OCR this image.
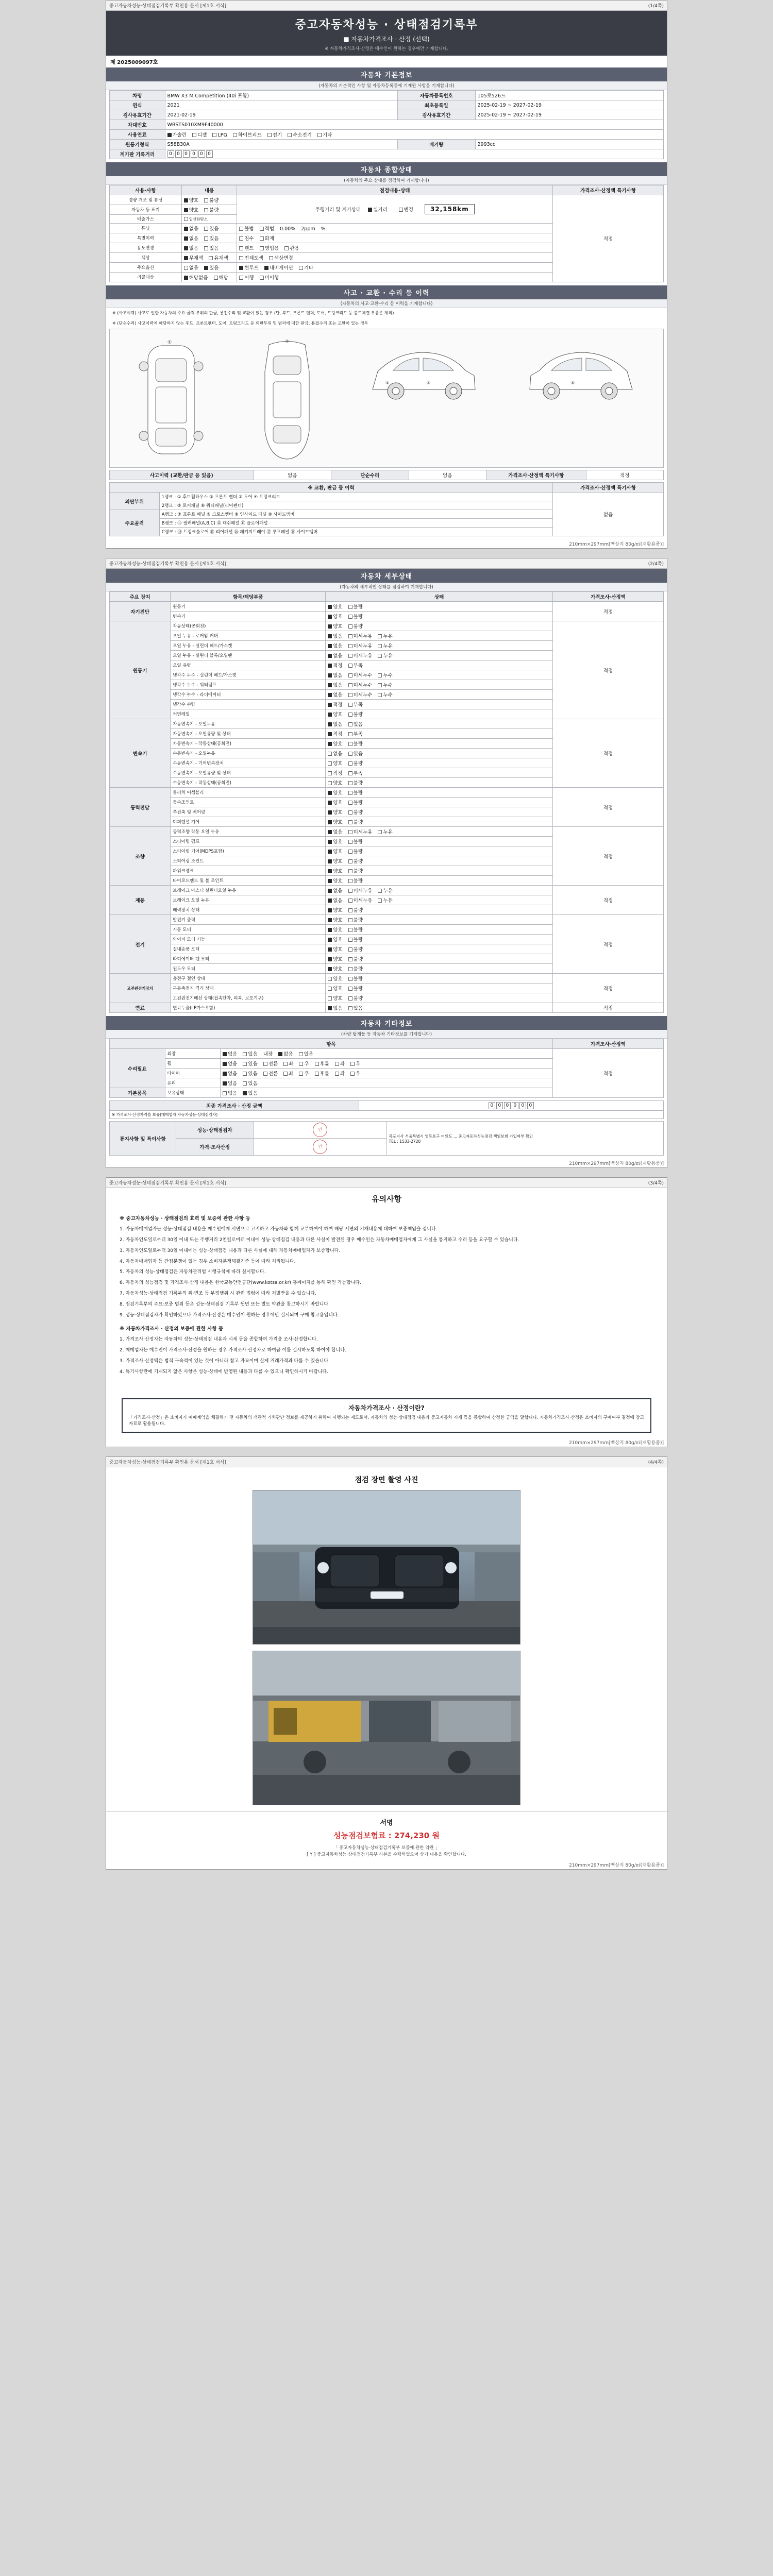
중고자동차성능·상태점검기록부 확인용 문서 [제1호 서식]	(1/4쪽)
중고자동차성능 · 상태점검기록부
■ 자동차가격조사 · 산정 (선택)
※ 자동차가격조사·산정은 매수인이 원하는 경우에만 기재합니다.
제 2025009097호
자동차 기본정보
(자동차의 기본적인 사항 및 자동차등록증에 기재된 사항을 기재합니다)
차명	BMW X3 M Competition (40i 포함)	자동차등록번호	105로526드
연식	2021	최초등록일	2025-02-19 ~ 2027-02-19
검사유효기간	2021-02-19	검사유효기간	2025-02-19 ~ 2027-02-19
차대번호	WBSTS010XM9F40000		
사용연료	가솔린 디젤 LPG 하이브리드 전기 수소전기 기타		
원동기형식	S58B30A	배기량	2993cc
계기판 기록거리	0	0	0	0	0	0
자동차 종합상태
(자동차의 주요 상태를 점검하여 기재합니다)
사용·사항	내용	점검내용·상태	가격조사·산정액 특기사항
경량 개조 및 튜닝	양호 불량	주행거리 및 계기상태 실거리 변경 32,158km	적정
자동차 등 표기	양호 불량		
배출가스	일산화탄소		
튜닝	없음 있음	불법 적법 0.00% 2ppm %	
특별이력	없음 있음	침수 화재	
용도변경	없음 있음	렌트 영업용 관용	
색상	무채색 유채색	전체도색 색상변경	
주요옵션	없음 있음	썬루프 내비게이션 기타	
리콜대상	해당없음 해당	이행 미이행	
사고 · 교환 · 수리 등 이력
(자동차의 사고·교환·수리 등 이력을 기재합니다)
※ (사고이력) 사고로 인한 자동차의 주요 골격 부위의 판금, 용접수리 및 교환이 있는 경우 (단, 후드, 프론트 펜더, 도어, 트렁크리드 등 볼트체결 부품은 제외)
※ (단순수리) 사고이력에 해당하지 않는 후드, 프론트펜더, 도어, 트렁크리드 등 외판부위 및 범퍼에 대한 판금, 용접수리 또는 교환이 있는 경우
①	⑦
③	⑤	⑥
사고이력 (교환/판금 등 있음)	없음	단순수리	없음	가격조사·산정액 특기사항	적정
※ 교환, 판금 등 이력		가격조사·산정액 특기사항
외판부위	1랭크 : ① 후드휠하우스 ② 프론트 펜더 ③ 도어 ④ 트렁크리드	없음
	2랭크 : ⑤ 로커패널 ⑥ 쿼터패널(리어펜더)	
주요골격	A랭크 : ⑦ 프론트 패널 ⑧ 크로스멤버 ⑨ 인사이드 패널 ⑩ 사이드멤버	
	B랭크 : ⑪ 필러패널(A,B,C) ⑫ 대쉬패널 ⑬ 플로어패널	
	C랭크 : ⑭ 트렁크플로어 ⑮ 리어패널 ⑯ 패키지트레이 ⑰ 루프패널 ⑱ 사이드멤버	
210mm×297mm[백상지 80g/㎡(재활용품)]
중고자동차성능·상태점검기록부 확인용 문서 [제1호 서식]	(2/4쪽)
자동차 세부상태
(자동차의 세부적인 상태를 점검하여 기재합니다)
주요 장치	항목/해당부품	상태	가격조사·산정액
자기진단	원동기	양호 불량	적정
	변속기	양호 불량	
원동기	작동상태(공회전)	양호 불량	적정
	오일 누유 - 로커암 커버	없음 미세누유 누유	
	오일 누유 - 실린더 헤드/가스켓	없음 미세누유 누유	
	오일 누유 - 실린더 블록/오일팬	없음 미세누유 누유	
	오일 유량	적정 부족	
	냉각수 누수 - 실린더 헤드/가스켓	없음 미세누수 누수	
	냉각수 누수 - 워터펌프	없음 미세누수 누수	
	냉각수 누수 - 라디에이터	없음 미세누수 누수	
	냉각수 수량	적정 부족	
	커먼레일	양호 불량	
변속기	자동변속기 - 오일누유	없음 있음	적정
	자동변속기 - 오일유량 및 상태	적정 부족	
	자동변속기 - 작동상태(공회전)	양호 불량	
	수동변속기 - 오일누유	없음 있음	
	수동변속기 - 기어변속장치	양호 불량	
	수동변속기 - 오일유량 및 상태	적정 부족	
	수동변속기 - 작동상태(공회전)	양호 불량	
동력전달	클러치 어셈블리	양호 불량	적정
	등속조인트	양호 불량	
	추진축 및 베어링	양호 불량	
	디퍼렌셜 기어	양호 불량	
조향	동력조향 작동 오일 누유	없음 미세누유 누유	적정
	스티어링 펌프	양호 불량	
	스티어링 기어(MDPS포함)	양호 불량	
	스티어링 조인트	양호 불량	
	파워크랭크	양호 불량	
	타이로드엔드 및 볼 조인트	양호 불량	
제동	브레이크 마스터 실린더오일 누유	없음 미세누유 누유	적정
	브레이크 오일 누유	없음 미세누유 누유	
	배력장치 상태	양호 불량	
전기	발전기 출력	양호 불량	적정
	시동 모터	양호 불량	
	와이퍼 모터 기능	양호 불량	
	실내송풍 모터	양호 불량	
	라디에이터 팬 모터	양호 불량	
	윈도우 모터	양호 불량	
고전원전기장치	충전구 절연 상태	양호 불량	적정
	구동축전지 격리 상태	양호 불량	
	고전원전기배선 상태(접속단자, 피복, 보호기구)	양호 불량	
연료	연료누출(LP가스포함)	없음 있음	적정
자동차 기타정보
(차량 탑재물 등 자동차 기타정보를 기재합니다)
항목			가격조사·산정액
수리필요	외장	없음 있음 내장 없음 있음	적정
	휠	없음 있음 전륜 좌 우 후륜 좌 우	
	타이어	없음 있음 전륜 좌 우 후륜 좌 우	
	유리	없음 있음	
기본품목	보유상태	없음 있음	
최종 가격조사 · 산정 금액	0	0	0	0	0	0

※ 가격조사·산정자격을 보유(매매업자 자동차성능·상태점검자)
통지사항 및 특이사항	성능·상태점검자	인	목포지사 서울특별시 영등포구 여의도 ... 중고자동차성능점검 책임보험 가입여부 확인
TEL : 1533-2720
	가격·조사산정	인	
210mm×297mm[백상지 80g/㎡(재활용품)]
중고자동차성능·상태점검기록부 확인용 문서 [제1호 서식]	(3/4쪽)
유의사항
※ 중고자동차성능 · 상태점검의 효력 및 보증에 관한 사항 등

1. 자동차매매업자는 성능·상태점검 내용을 매수인에게 서면으로 고지하고 자동차와 함께 교부하여야 하며 해당 서면의 기재내용에 대하여 보증책임을 집니다.

2. 자동차인도일로부터 30일 이내 또는 주행거리 2천킬로미터 이내에 성능·상태점검 내용과 다른 사실이 발견된 경우 매수인은 자동차매매업자에게 그 사실을 통지하고 수리 등을 요구할 수 있습니다.

3. 자동차인도일로부터 30일 이내에는 성능·상태점검 내용과 다른 사실에 대해 자동차매매업자가 보증합니다.

4. 자동차매매업자 등 간접분쟁이 있는 경우 소비자분쟁해결기준 등에 따라 처리됩니다.

5. 자동차의 성능·상태점검은 자동차관리법 시행규칙에 따라 실시합니다.

6. 자동차의 성능점검 및 가격조사·산정 내용은 한국교통안전공단(www.kotsa.or.kr) 홈페이지를 통해 확인 가능합니다.

7. 자동차성능·상태점검 기록부의 위·변조 등 부정행위 시 관련 법령에 따라 처벌받을 수 있습니다.

8. 점검기록부의 주요·보증 범위 등은 성능·상태점검 기록부 뒷면 또는 별도 약관을 참고하시기 바랍니다.

9. 성능·상태점검자가 확인하였으나 가격조사·산정은 매수인이 원하는 경우에만 실시되며 구매 참고용입니다.

※ 자동차가격조사 · 산정의 보증에 관한 사항 등

1. 가격조사·산정자는 자동차의 성능·상태점검 내용과 시세 등을 종합하여 가격을 조사·산정합니다.

2. 매매업자는 매수인이 가격조사·산정을 원하는 경우 가격조사·산정자로 하여금 이를 실시하도록 하여야 합니다.

3. 가격조사·산정액은 법적 구속력이 있는 것이 아니라 참고 자료이며 실제 거래가격과 다를 수 있습니다.

4. 특기사항란에 기재되지 않은 사항은 성능·상태에 반영된 내용과 다를 수 있으니 확인하시기 바랍니다.

자동차가격조사 · 산정이란?
「가격조사·산정」은 소비자가 매매계약을 체결하기 전 자동차의 객관적 가치판단 정보를 제공하기 위하여 시행되는 제도로서, 자동차의 성능·상태점검 내용과 중고자동차 시세 등을 종합하여 산정한 금액을 말합니다. 자동차가격조사·산정은 소비자의 구매여부 결정에 참고자료로 활용됩니다.
210mm×297mm[백상지 80g/㎡(재활용품)]
중고자동차성능·상태점검기록부 확인용 문서 [제1호 서식]	(4/4쪽)
점검 장면 촬영 사진
서명
성능점검보험료 : 274,230 원
「 중고자동차성능·상태점검기록부 보증에 관한 약관 」
[ Y ] 중고자동차성능·상태점검기록부 사본을 수령하였으며 상기 내용을 확인합니다.
210mm×297mm[백상지 80g/㎡(재활용품)]
